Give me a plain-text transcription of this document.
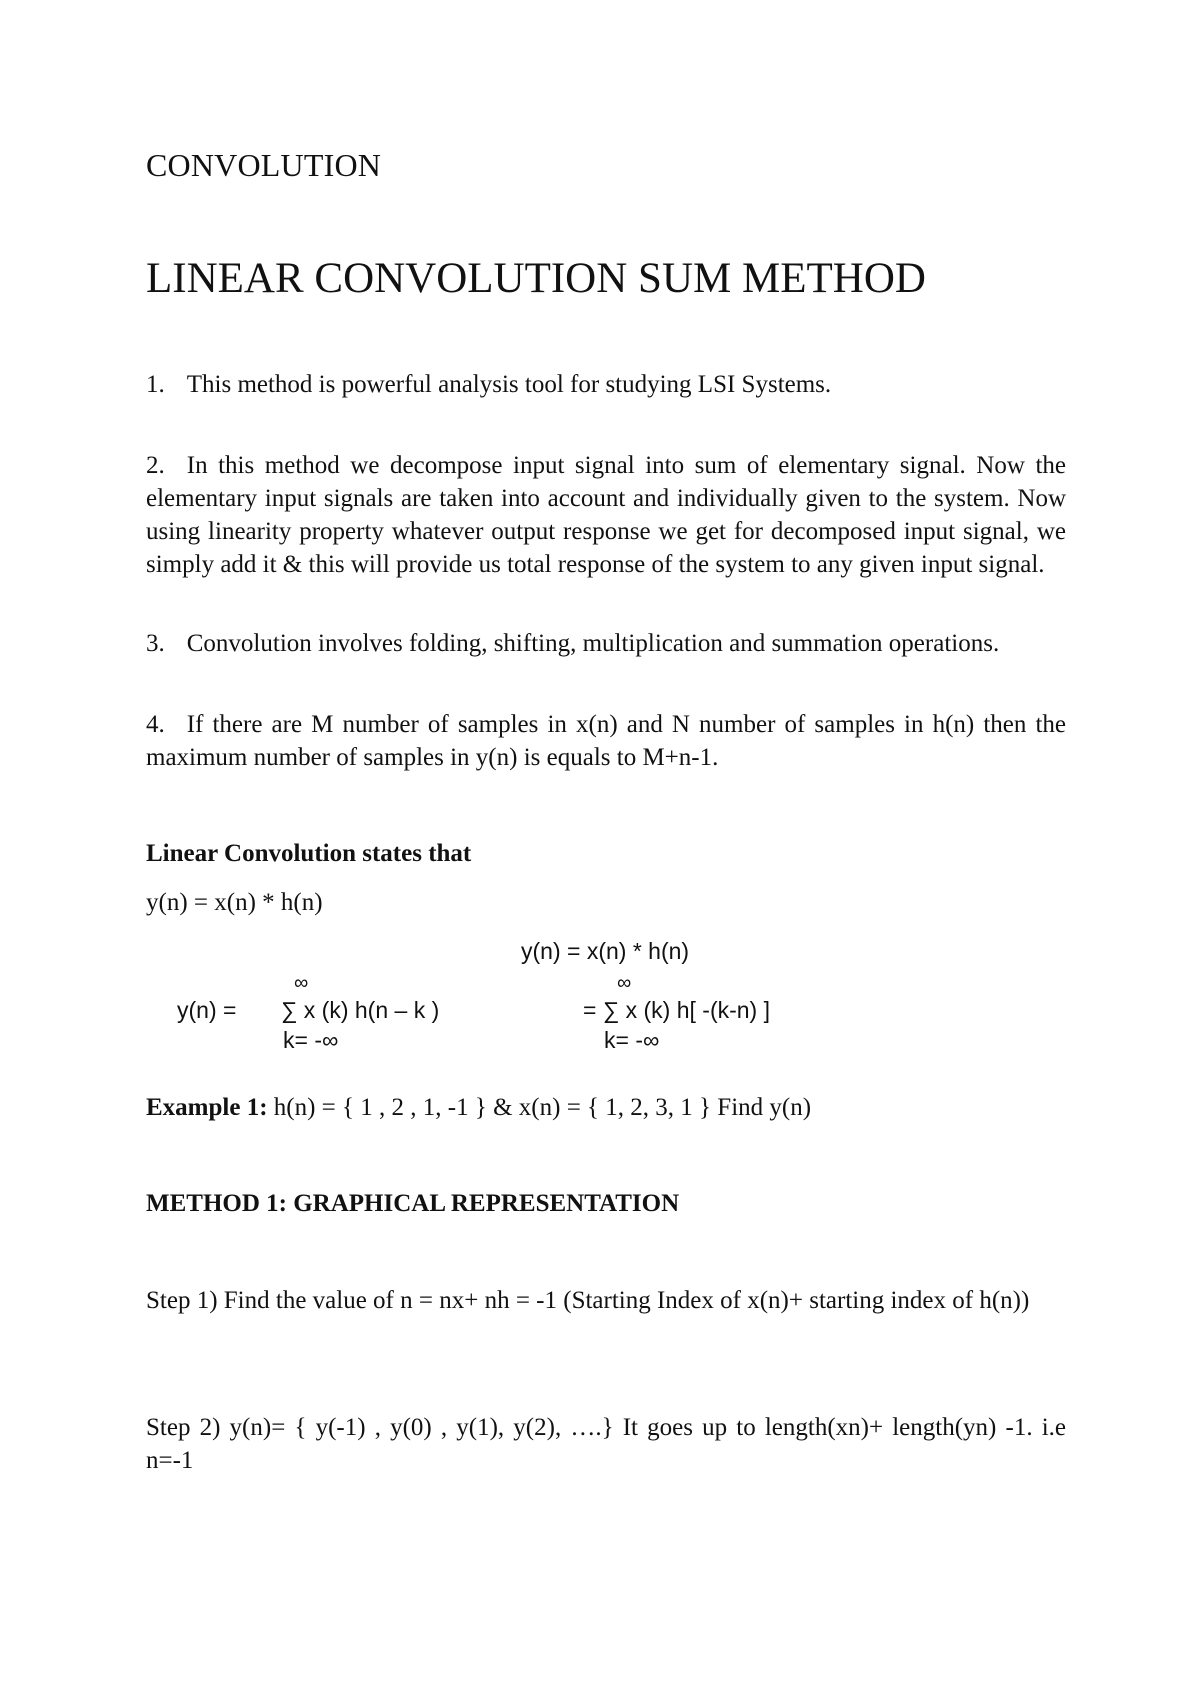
CONVOLUTION
LINEAR CONVOLUTION SUM METHOD
1. This method is powerful analysis tool for studying LSI Systems.
2. In this method we decompose input signal into sum of elementary signal. Now the elementary input signals are taken into account and individually given to the system. Now using linearity property whatever output response we get for decomposed input signal, we simply add it & this will provide us total response of the system to any given input signal.
3. Convolution involves folding, shifting, multiplication and summation operations.
4. If there are M number of samples in x(n) and N number of samples in h(n) then the maximum number of samples in y(n) is equals to M+n-1.
Linear Convolution states that
y(n) = x(n) * h(n)
y(n) = x(n) * h(n)
∞	∞
y(n) = ∑ x (k) h(n – k )	= ∑ x (k) h[ -(k-n) ]
k= -∞	k= -∞
Example 1: h(n) = { 1 , 2 , 1, -1 } & x(n) = { 1, 2, 3, 1 } Find y(n)
METHOD 1: GRAPHICAL REPRESENTATION
Step 1) Find the value of n = nx+ nh = -1 (Starting Index of x(n)+ starting index of h(n))
Step 2) y(n)= { y(-1) , y(0) , y(1), y(2), ….} It goes up to length(xn)+ length(yn) -1. i.e n=-1
